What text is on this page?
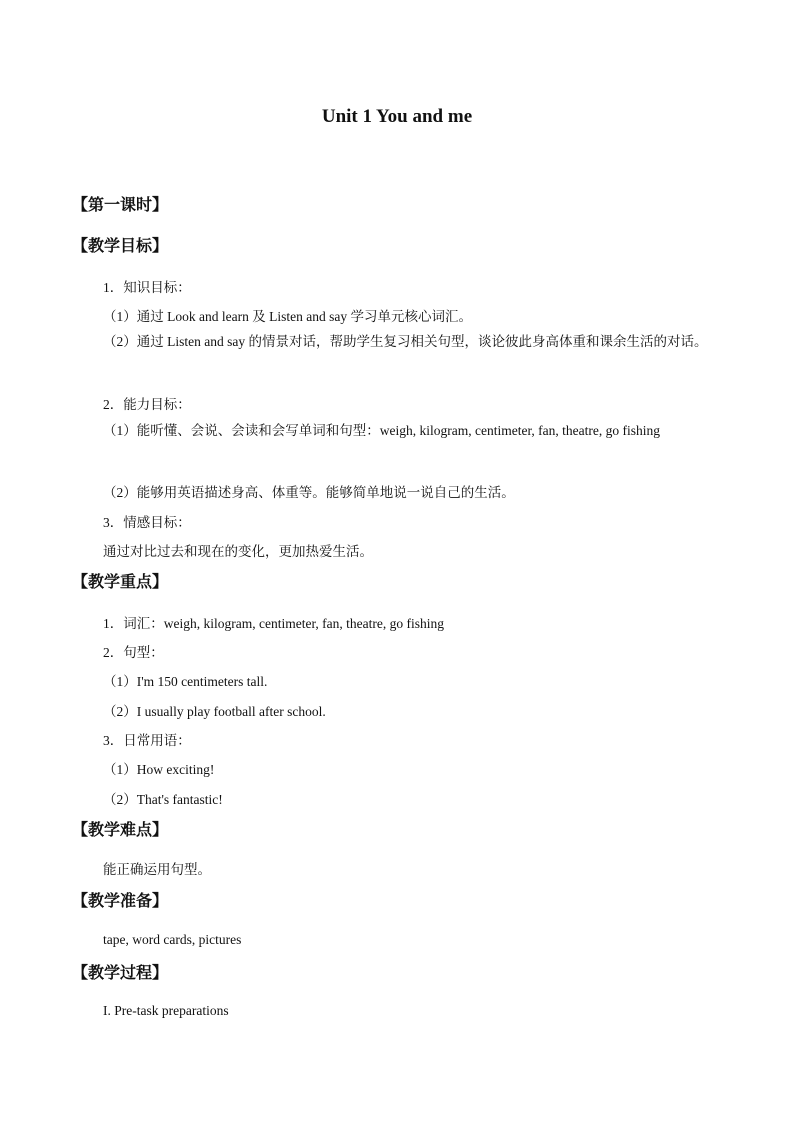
Unit 1 You and me
【第一课时】
【教学目标】
1．知识目标：
（1）通过 Look and learn 及 Listen and say 学习单元核心词汇。
（2）通过 Listen and say 的情景对话，帮助学生复习相关句型，谈论彼此身高体重和课余生活的对话。
2．能力目标：
（1）能听懂、会说、会读和会写单词和句型：weigh, kilogram, centimeter, fan, theatre, go fishing
（2）能够用英语描述身高、体重等。能够简单地说一说自己的生活。
3．情感目标：
通过对比过去和现在的变化，更加热爱生活。
【教学重点】
1．词汇：weigh, kilogram, centimeter, fan, theatre, go fishing
2．句型：
（1）I'm 150 centimeters tall.
（2）I usually play football after school.
3．日常用语：
（1）How exciting!
（2）That's fantastic!
【教学难点】
能正确运用句型。
【教学准备】
tape, word cards, pictures
【教学过程】
I. Pre-task preparations
